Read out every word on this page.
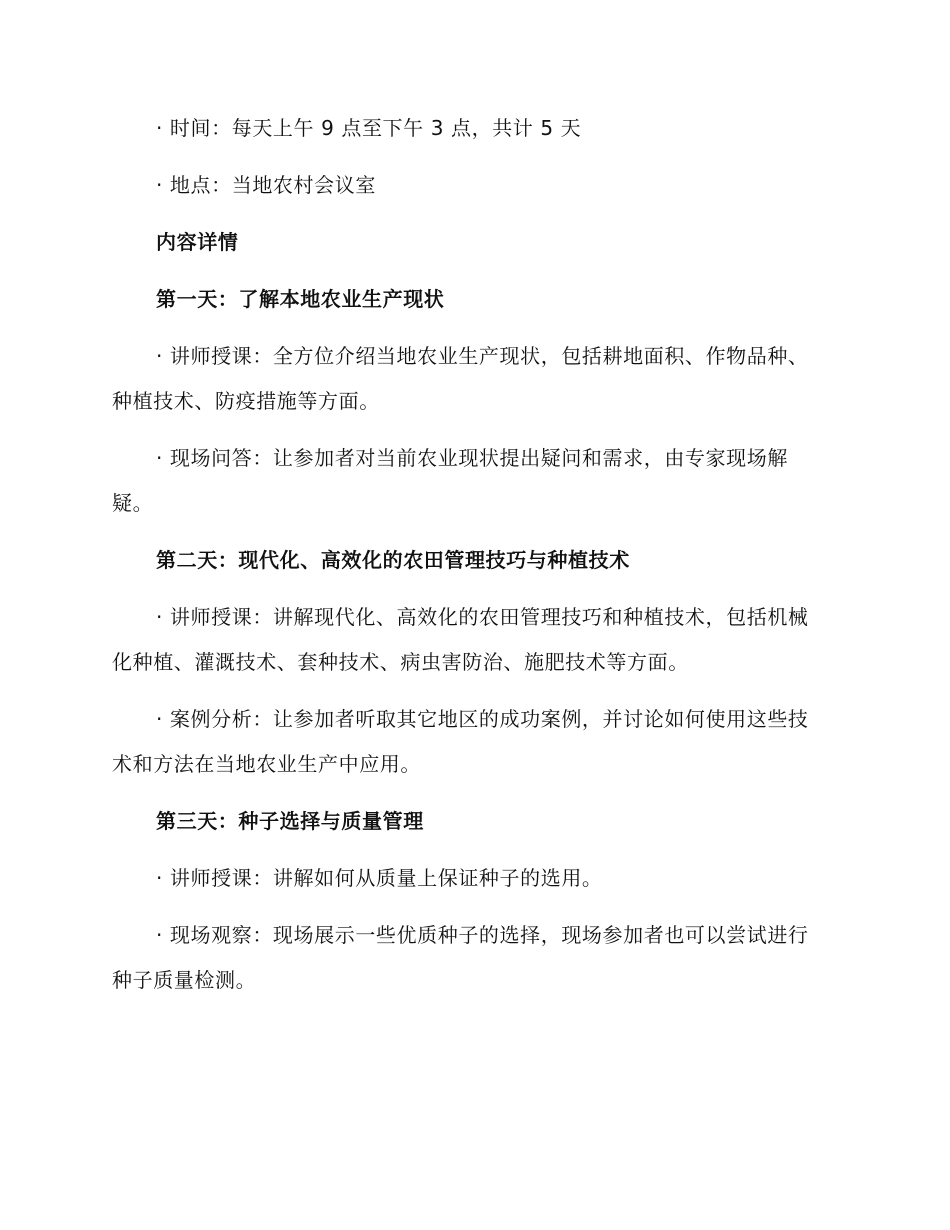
· 时间：每天上午 9 点至下午 3 点，共计 5 天

· 地点：当地农村会议室

内容详情

第一天：了解本地农业生产现状

· 讲师授课：全方位介绍当地农业生产现状，包括耕地面积、作物品种、种植技术、防疫措施等方面。

· 现场问答：让参加者对当前农业现状提出疑问和需求，由专家现场解疑。

第二天：现代化、高效化的农田管理技巧与种植技术

· 讲师授课：讲解现代化、高效化的农田管理技巧和种植技术，包括机械化种植、灌溉技术、套种技术、病虫害防治、施肥技术等方面。

· 案例分析：让参加者听取其它地区的成功案例，并讨论如何使用这些技术和方法在当地农业生产中应用。

第三天：种子选择与质量管理

· 讲师授课：讲解如何从质量上保证种子的选用。

· 现场观察：现场展示一些优质种子的选择，现场参加者也可以尝试进行种子质量检测。
